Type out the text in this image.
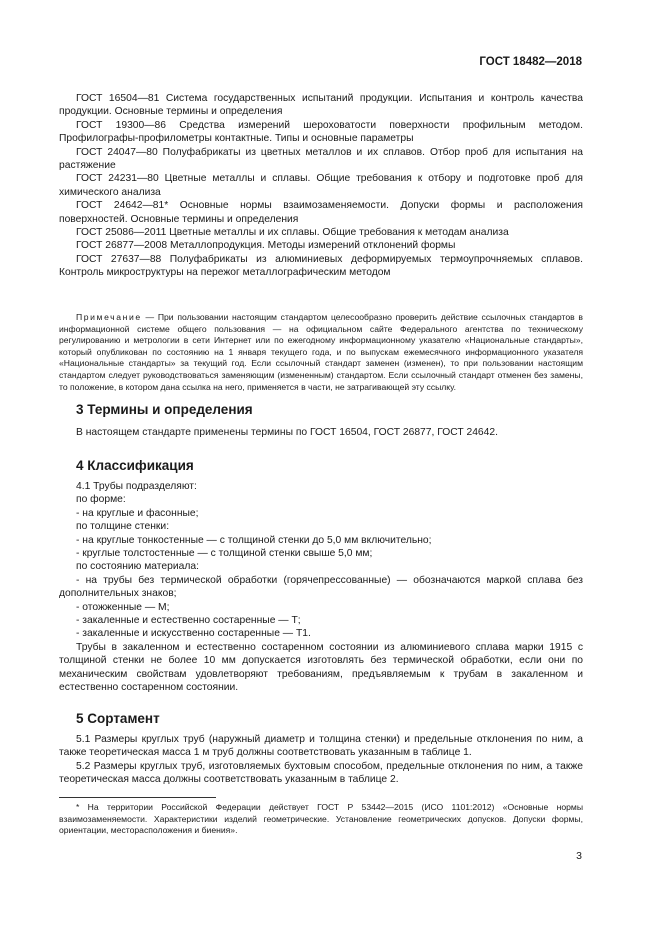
ГОСТ 18482—2018

ГОСТ 16504—81 Система государственных испытаний продукции. Испытания и контроль качества продукции. Основные термины и определения

ГОСТ 19300—86 Средства измерений шероховатости поверхности профильным методом. Профилографы-профилометры контактные. Типы и основные параметры

ГОСТ 24047—80 Полуфабрикаты из цветных металлов и их сплавов. Отбор проб для испытания на растяжение

ГОСТ 24231—80 Цветные металлы и сплавы. Общие требования к отбору и подготовке проб для химического анализа

ГОСТ 24642—81* Основные нормы взаимозаменяемости. Допуски формы и расположения поверхностей. Основные термины и определения

ГОСТ 25086—2011 Цветные металлы и их сплавы. Общие требования к методам анализа

ГОСТ 26877—2008 Металлопродукция. Методы измерений отклонений формы

ГОСТ 27637—88 Полуфабрикаты из алюминиевых деформируемых термоупрочняемых сплавов. Контроль микроструктуры на пережог металлографическим методом

Примечание — При пользовании настоящим стандартом целесообразно проверить действие ссылочных стандартов в информационной системе общего пользования — на официальном сайте Федерального агентства по техническому регулированию и метрологии в сети Интернет или по ежегодному информационному указателю «Национальные стандарты», который опубликован по состоянию на 1 января текущего года, и по выпускам ежемесячного информационного указателя «Национальные стандарты» за текущий год. Если ссылочный стандарт заменен (изменен), то при пользовании настоящим стандартом следует руководствоваться заменяющим (измененным) стандартом. Если ссылочный стандарт отменен без замены, то положение, в котором дана ссылка на него, применяется в части, не затрагивающей эту ссылку.

3 Термины и определения

В настоящем стандарте применены термины по ГОСТ 16504, ГОСТ 26877, ГОСТ 24642.

4 Классификация

4.1 Трубы подразделяют:

по форме:

- на круглые и фасонные;

по толщине стенки:

- на круглые тонкостенные — с толщиной стенки до 5,0 мм включительно;

- круглые толстостенные — с толщиной стенки свыше 5,0 мм;

по состоянию материала:

- на трубы без термической обработки (горячепрессованные) — обозначаются маркой сплава без дополнительных знаков;

- отожженные — М;

- закаленные и естественно состаренные — Т;

- закаленные и искусственно состаренные — Т1.

Трубы в закаленном и естественно состаренном состоянии из алюминиевого сплава марки 1915 с толщиной стенки не более 10 мм допускается изготовлять без термической обработки, если они по механическим свойствам удовлетворяют требованиям, предъявляемым к трубам в закаленном и естественно состаренном состоянии.

5 Сортамент

5.1 Размеры круглых труб (наружный диаметр и толщина стенки) и предельные отклонения по ним, а также теоретическая масса 1 м труб должны соответствовать указанным в таблице 1.

5.2 Размеры круглых труб, изготовляемых бухтовым способом, предельные отклонения по ним, а также теоретическая масса должны соответствовать указанным в таблице 2.

* На территории Российской Федерации действует ГОСТ Р 53442—2015 (ИСО 1101:2012) «Основные нормы взаимозаменяемости. Характеристики изделий геометрические. Установление геометрических допусков. Допуски формы, ориентации, месторасположения и биения».

3
